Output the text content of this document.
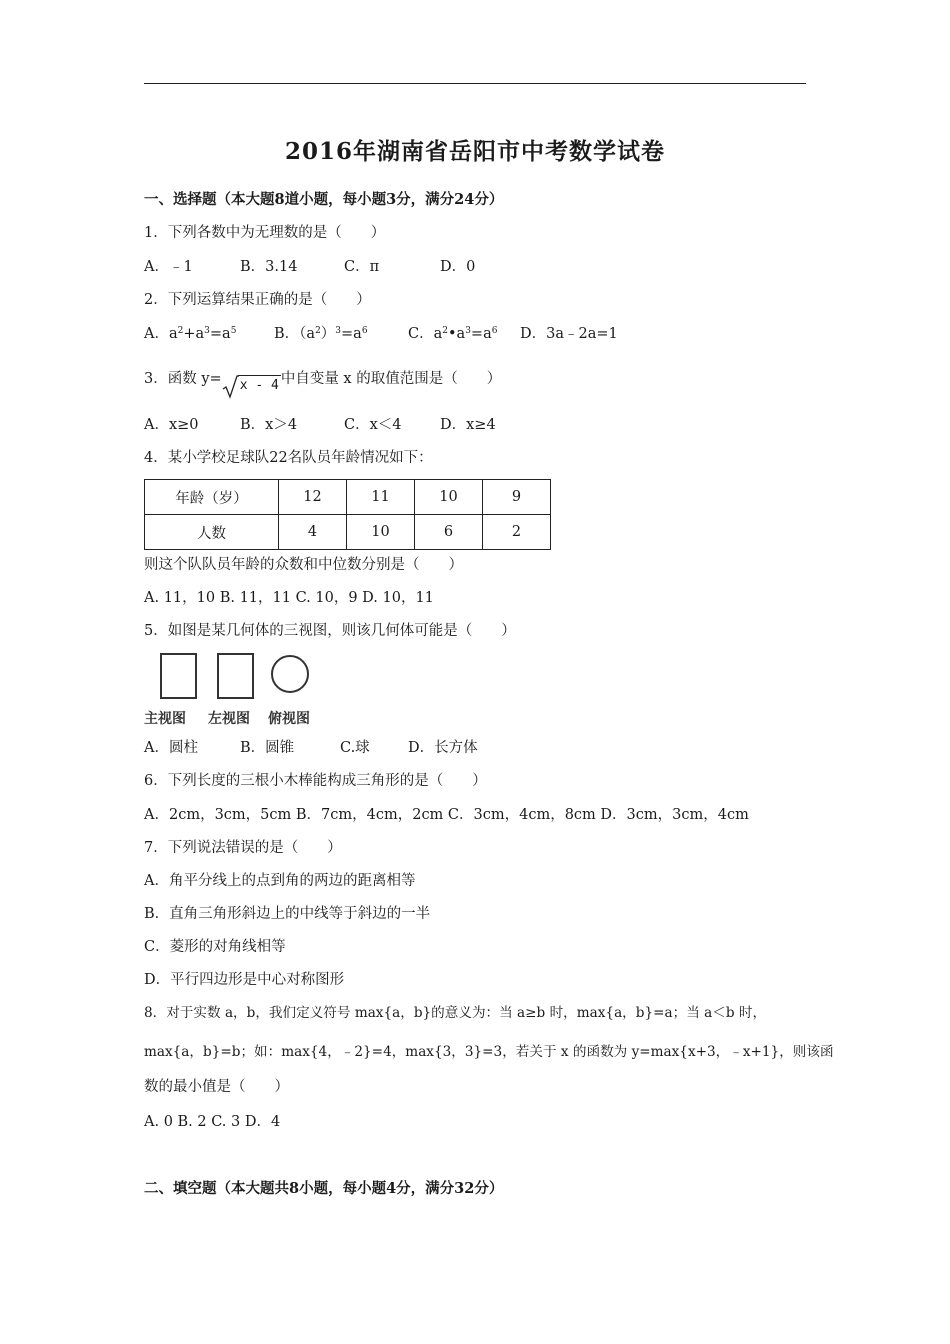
2016年湖南省岳阳市中考数学试卷
一、选择题（本大题8道小题，每小题3分，满分24分）
1．下列各数中为无理数的是（　　）
A．﹣1	B．3.14	C．π	D．0
2．下列运算结果正确的是（　　）
A．$a^2+a^3=a^5$	B．$(a^2)^3=a^6$	C．$a^2•a^3=a^6$ D．3a﹣2a=1
3．函数 y= x - 4 中自变量 x 的取值范围是（　　）
A．x≥0	B．x＞4	C．x＜4	D．x≥4
4．某小学校足球队22名队员年龄情况如下：
年龄（岁）	12	11	10	9
人数	4	10	6	2
则这个队队员年龄的众数和中位数分别是（　　）
A. 11，10 B. 11，11 C. 10，9 D. 10，11
5．如图是某几何体的三视图，则该几何体可能是（　　）
主视图 左视图 俯视图
A．圆柱	B．圆锥	C.球	D．长方体
6．下列长度的三根小木棒能构成三角形的是（　　）
A．2cm，3cm，5cm B．7cm，4cm，2cm C．3cm，4cm，8cm D．3cm，3cm，4cm
7．下列说法错误的是（　　）
A．角平分线上的点到角的两边的距离相等
B．直角三角形斜边上的中线等于斜边的一半
C．菱形的对角线相等
D．平行四边形是中心对称图形
8．对于实数 a，b，我们定义符号 max{a，b}的意义为：当 a≥b 时，max{a，b}=a；当 a＜b 时，
max{a，b}=b；如：max{4，﹣2}=4，max{3，3}=3，若关于 x 的函数为 y=max{x+3，﹣x+1}，则该函
数的最小值是（　　）
A. 0 B. 2 C. 3 D．4
二、填空题（本大题共8小题，每小题4分，满分32分）
